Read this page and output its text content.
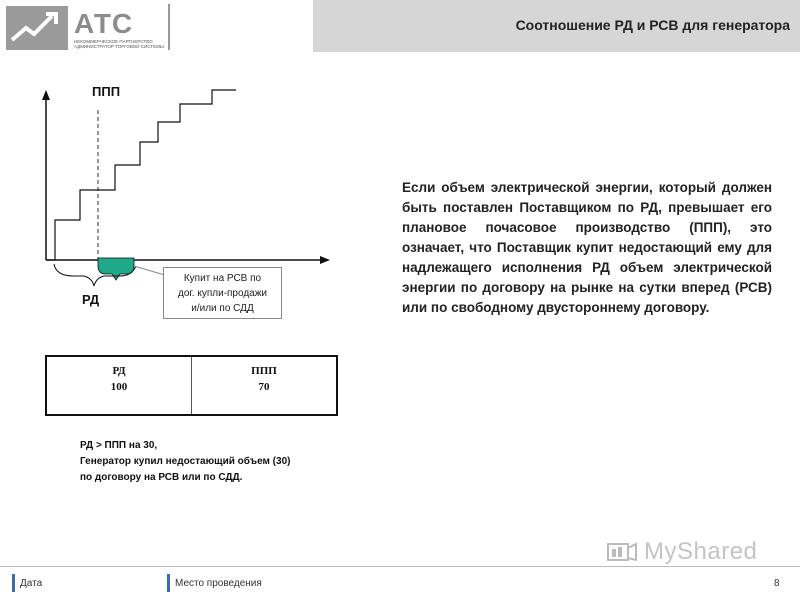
АТС
НЕКОММЕРЧЕСКОЕ ПАРТНЕРСТВО
АДМИНИСТРАТОР ТОРГОВОЙ СИСТЕМЫ
Соотношение РД и РСВ для генератора
ППП
РД
Купит на РСВ по
дог. купли-продажи
и/или по СДД
РД
100
ППП
70
РД > ППП на 30,
Генератор купил недостающий объем (30)
по договору на РСВ или по СДД.
Если объем электрической энергии, который должен быть поставлен Поставщиком по РД, превышает его плановое почасовое производство (ППП), это означает, что Поставщик купит недостающий ему для надлежащего исполнения РД объем электрической энергии по договору на рынке на сутки вперед (РСВ) или по свободному двустороннему договору.
MyShared
Дата	Место проведения	8
